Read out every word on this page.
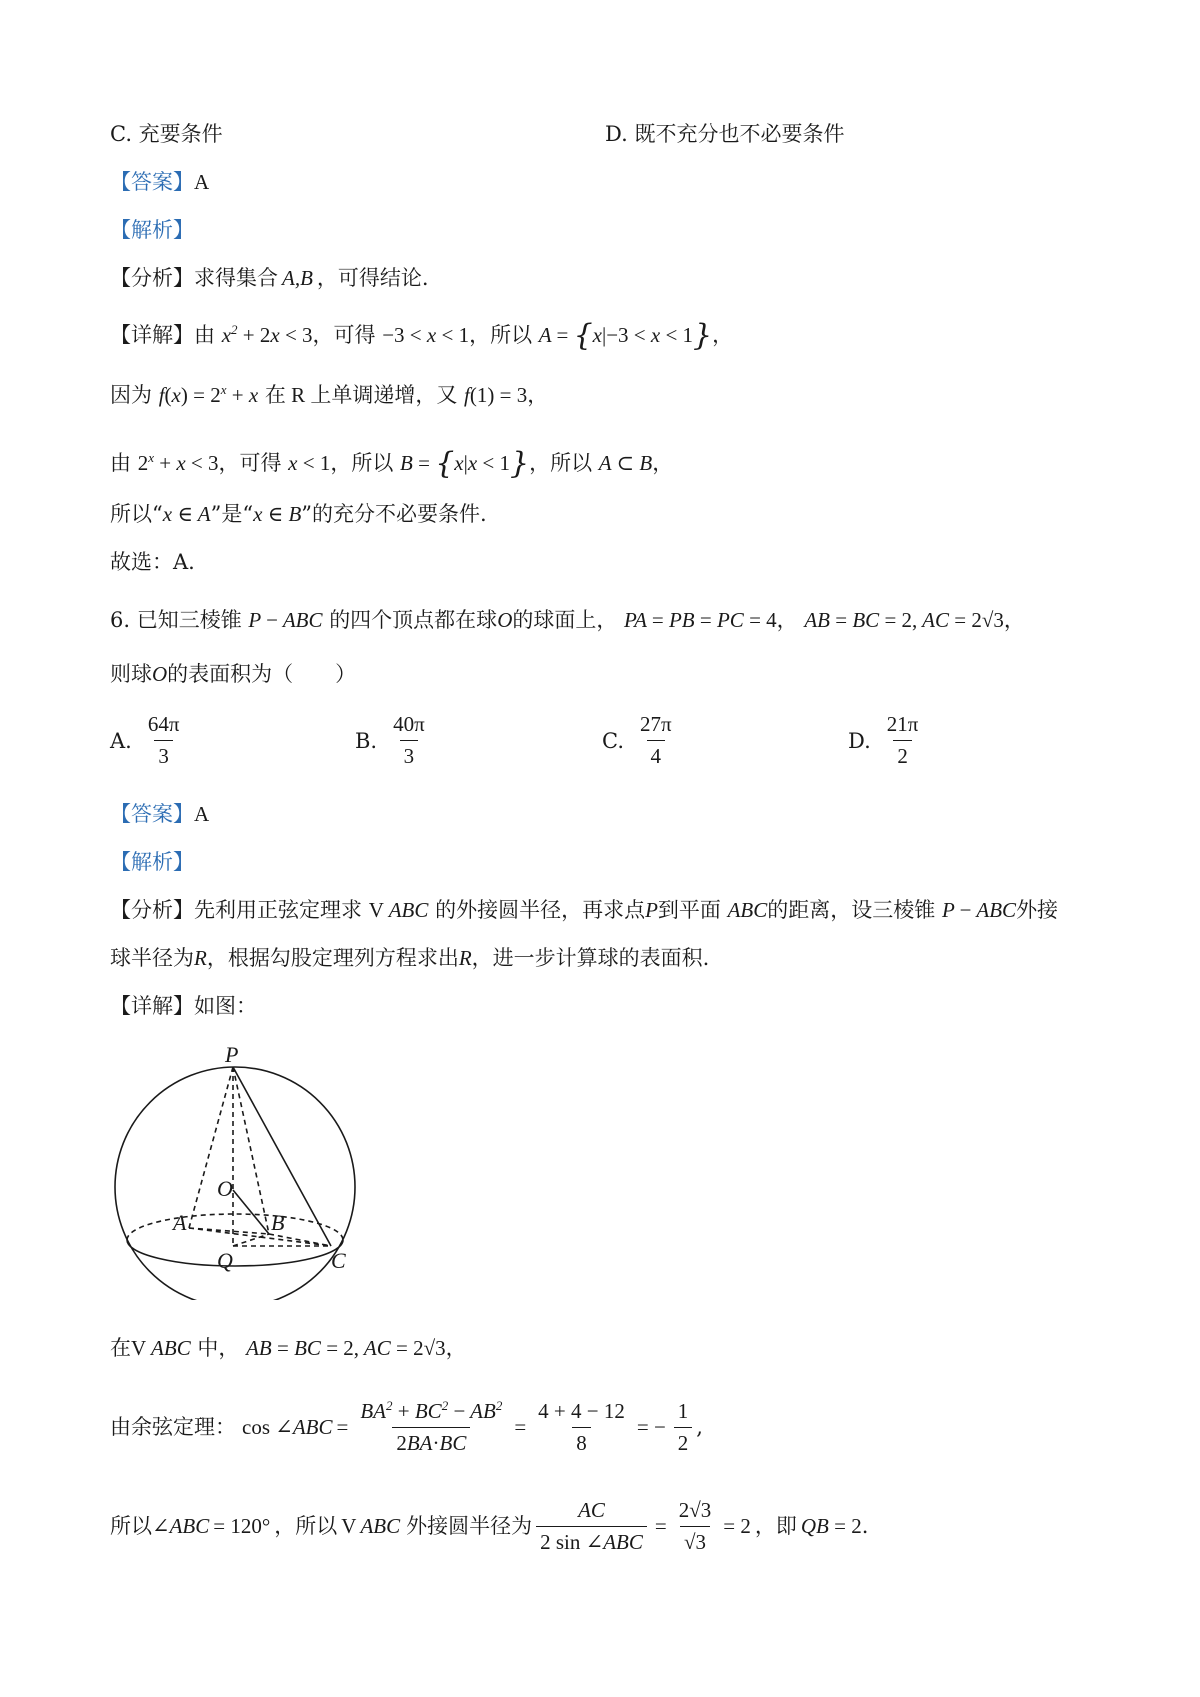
C. 充要条件	D. 既不充分也不必要条件
【答案】A
【解析】
【分析】求得集合 A,B ，可得结论.
【详解】由 $x^2 + 2x < 3$，可得 −3 < x < 1，所以 A = {x|−3 < x < 1}，
因为 $f(x) = 2^x + x$ 在 R 上单调递增，又 f(1) = 3，
由 $2^x + x < 3$，可得 x < 1，所以 B = {x|x < 1}，所以 A ⊂ B，
所以“x ∈ A”是“x ∈ B”的充分不必要条件.
故选：A.
6. 已知三棱锥 P − ABC 的四个顶点都在球O的球面上， PA = PB = PC = 4， AB = BC = 2, AC = 2√3，
则球O的表面积为（　　）
A. $\frac{64\pi}{3}$	B. $\frac{40\pi}{3}$	C. $\frac{27\pi}{4}$	D. $\frac{21\pi}{2}$
【答案】A
【解析】
【分析】先利用正弦定理求 V ABC 的外接圆半径，再求点P到平面 ABC的距离，设三棱锥 P − ABC外接
球半径为R，根据勾股定理列方程求出R，进一步计算球的表面积.
【详解】如图：
P
O
A	B
Q	C
在V ABC 中， AB = BC = 2, AC = 2√3，
由余弦定理： cos ∠ ABC = $\frac{BA^2 + BC^2 - AB^2}{2BA\cdot BC} = \frac{4 + 4 - 12}{8}$ = − $\frac{1}{2}$ ,
所以 ∠ ABC = 120° ，所以 V ABC 外接圆半径为 $\frac{AC}{\text{2 sin ∠ABC}} = \frac{2√3}{√3} = 2$ ，即 QB = 2 .
